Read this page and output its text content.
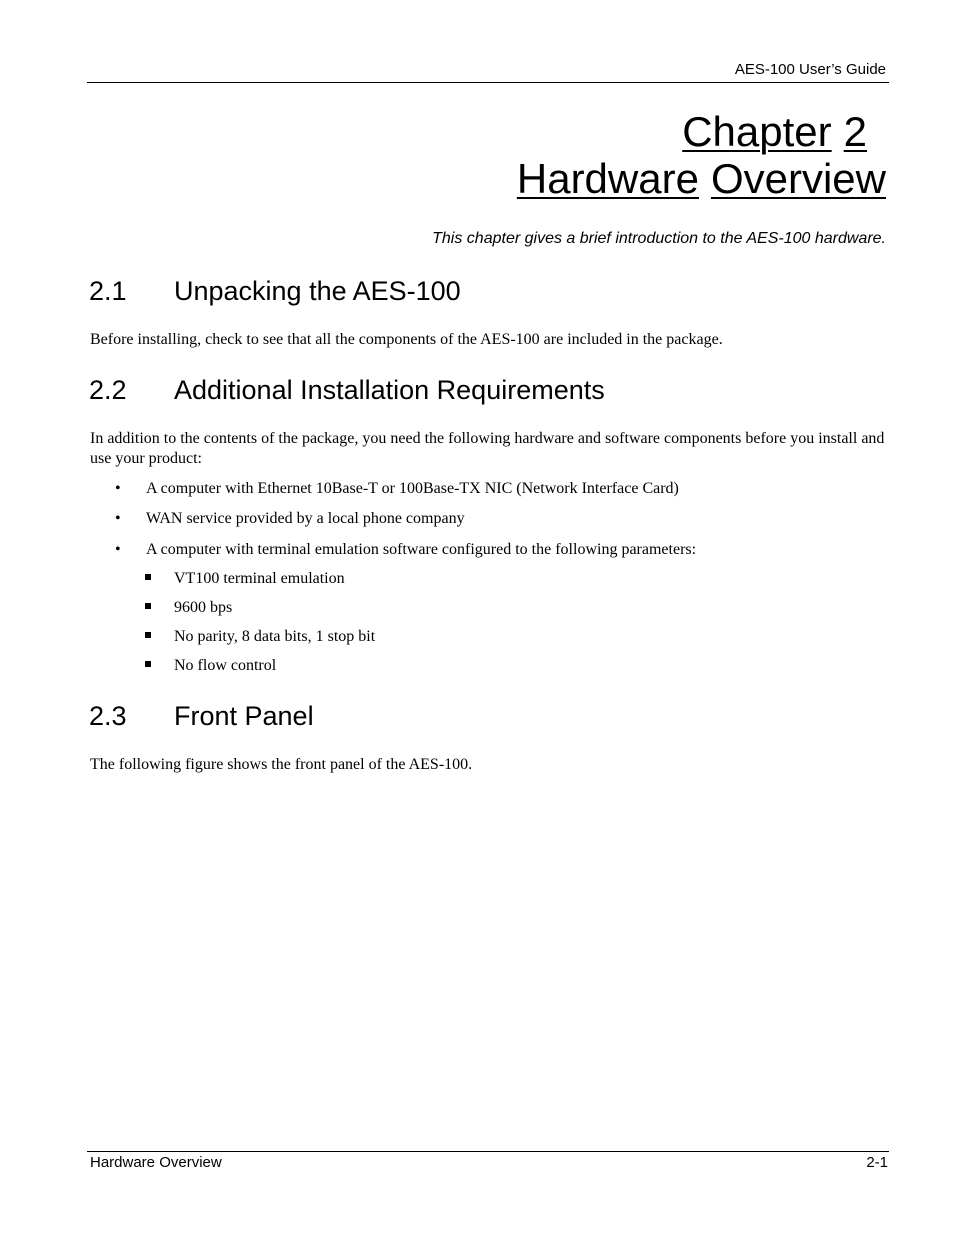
AES-100 User’s Guide
Chapter 2
Hardware Overview
This chapter gives a brief introduction to the AES-100 hardware.
2.1 Unpacking the AES-100
Before installing, check to see that all the components of the AES-100 are included in the package.
2.2 Additional Installation Requirements
In addition to the contents of the package, you need the following hardware and software components before you install and use your product:
• A computer with Ethernet 10Base-T or 100Base-TX NIC (Network Interface Card)
• WAN service provided by a local phone company
• A computer with terminal emulation software configured to the following parameters:
VT100 terminal emulation
9600 bps
No parity, 8 data bits, 1 stop bit
No flow control
2.3 Front Panel
The following figure shows the front panel of the AES-100.
Hardware Overview	2-1
